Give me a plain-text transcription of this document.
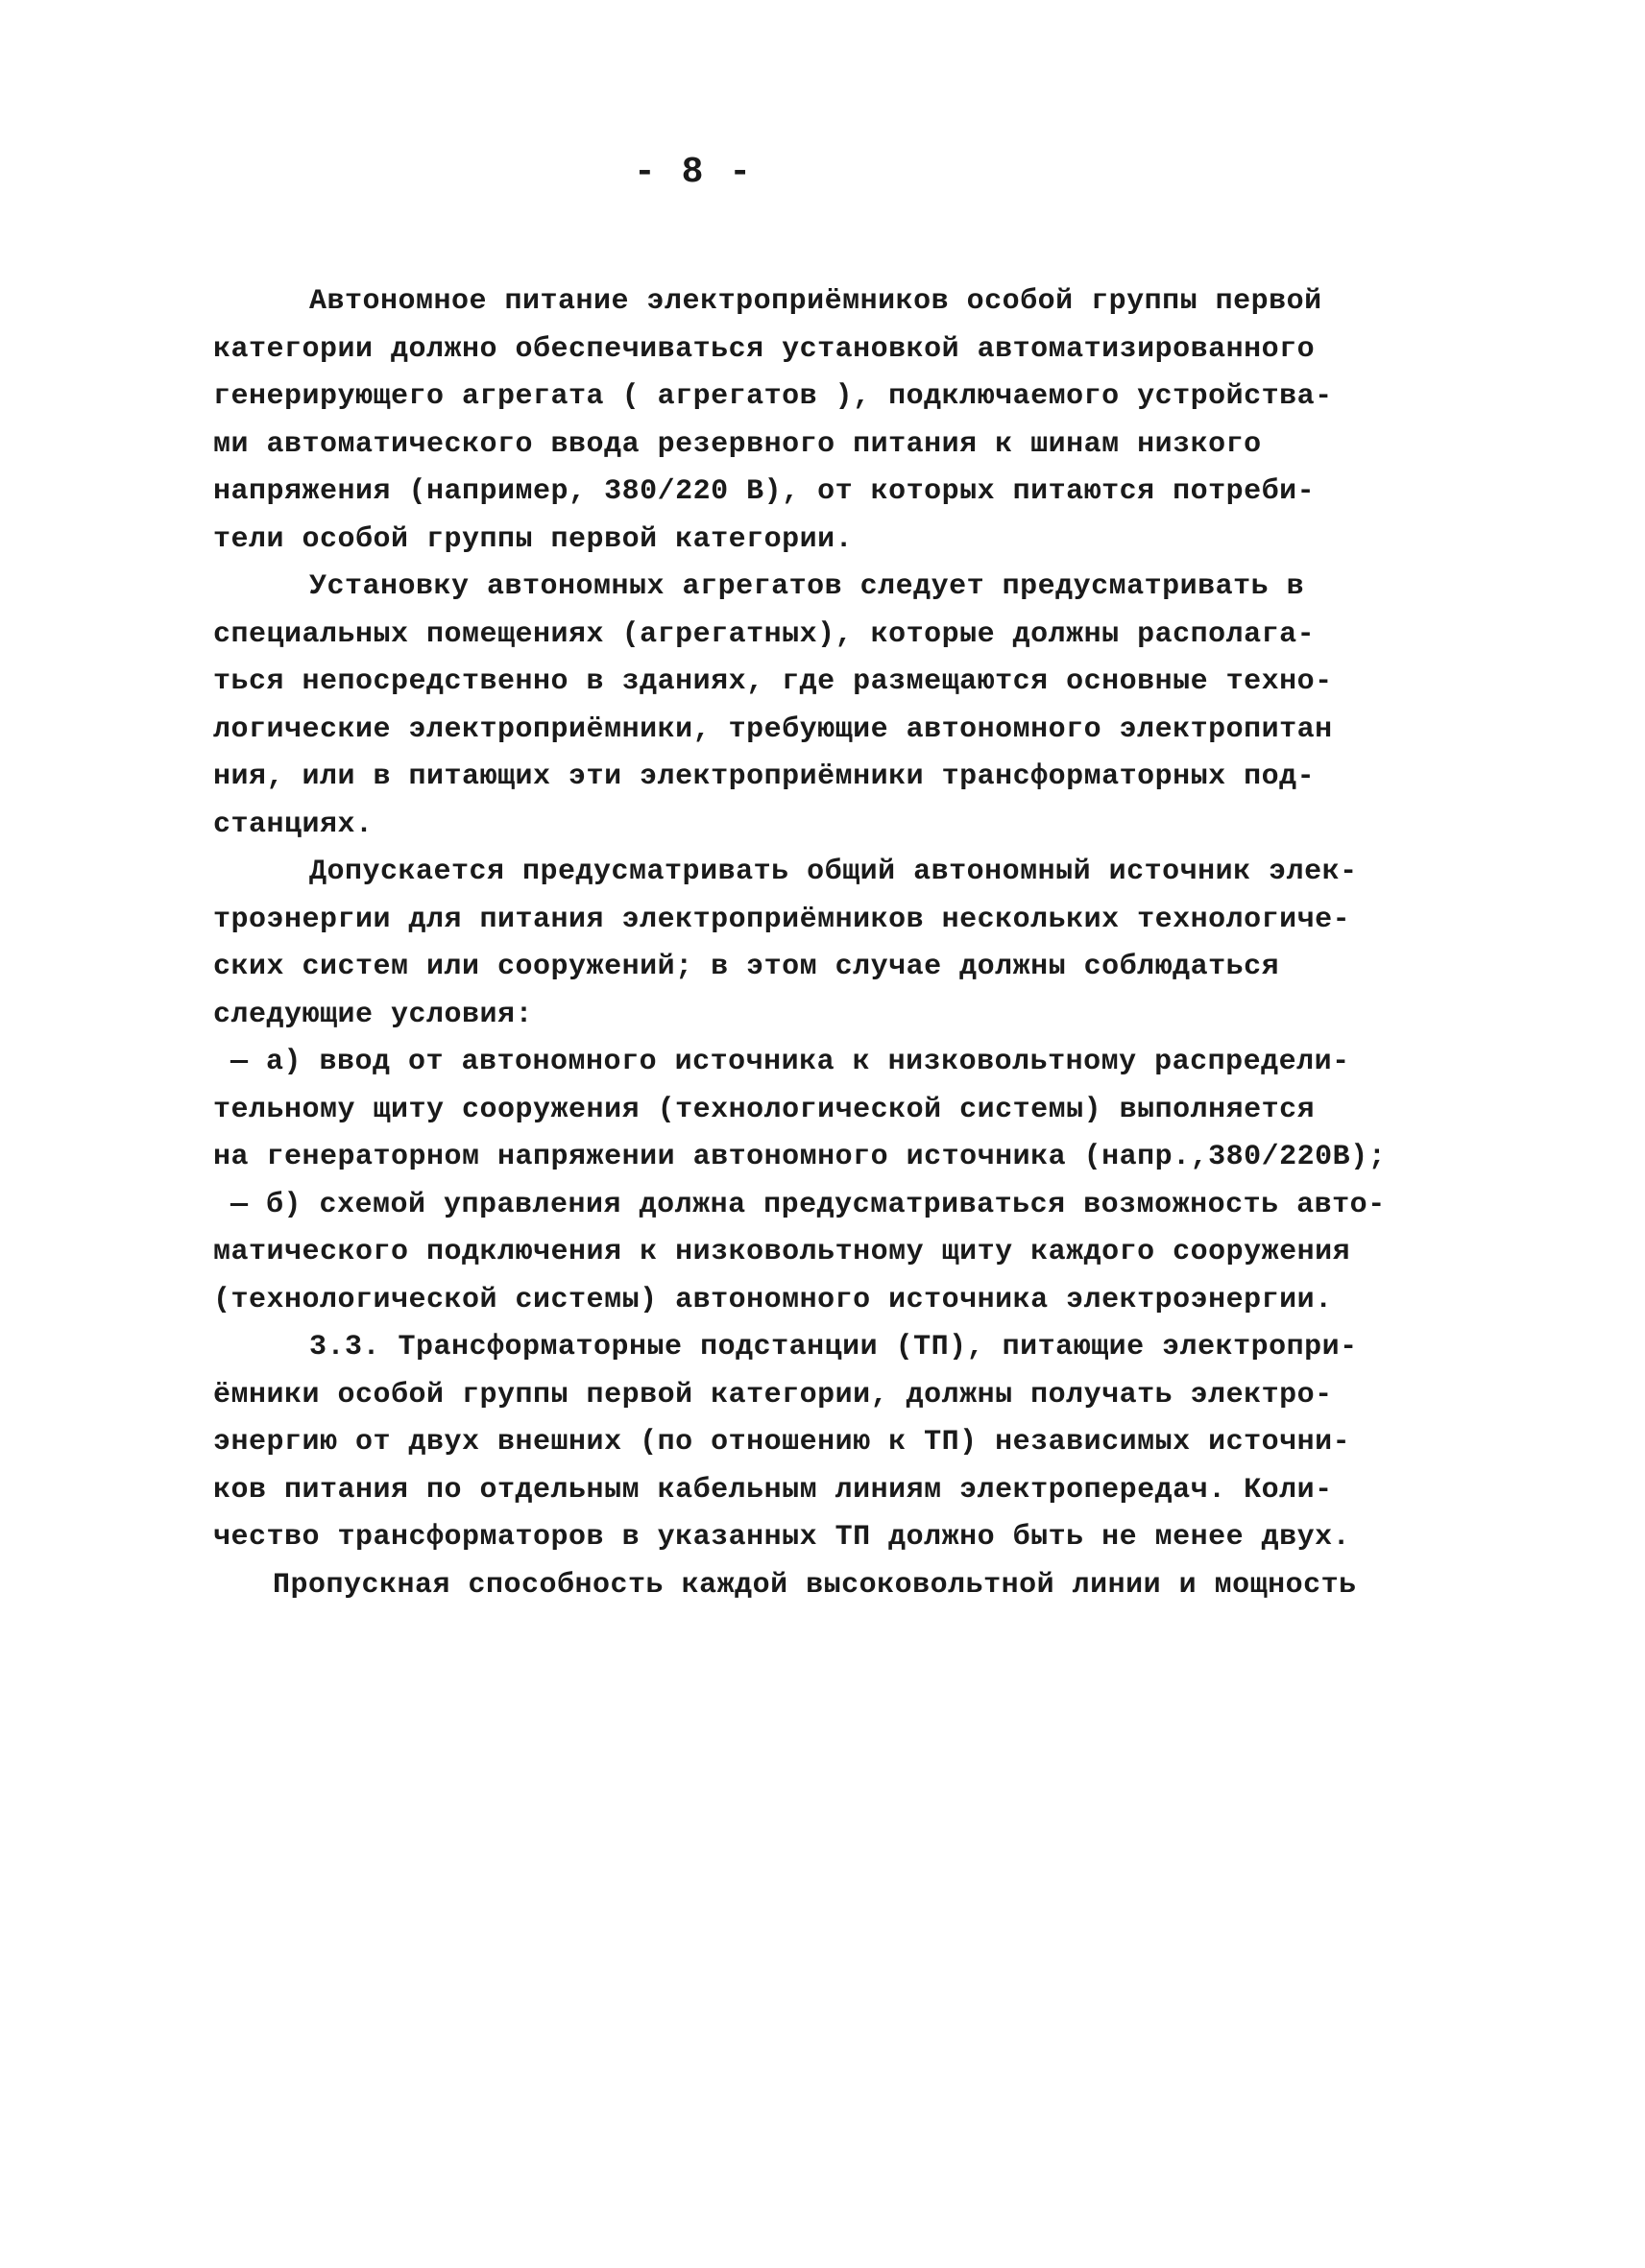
- 8 -
Автономное питание электроприёмников особой группы первой
категории должно обеспечиваться установкой автоматизированного
генерирующего агрегата ( агрегатов ), подключаемого устройства-
ми автоматического ввода резервного питания к шинам низкого
напряжения (например, 380/220 В), от которых питаются потреби-
тели особой группы первой категории.
Установку автономных агрегатов следует предусматривать в
специальных помещениях (агрегатных), которые должны располага-
ться непосредственно в зданиях, где размещаются основные техно-
логические электроприёмники, требующие автономного электропитан
ния, или в питающих эти электроприёмники трансформаторных под-
станциях.
Допускается предусматривать общий автономный источник элек-
троэнергии для питания электроприёмников нескольких технологиче-
ских систем или сооружений; в этом случае должны соблюдаться
следующие условия:
— а) ввод от автономного источника к низковольтному распредели-
тельному щиту сооружения (технологической системы) выполняется
на генераторном напряжении автономного источника (напр.,380/220В);
— б) схемой управления должна предусматриваться возможность авто-
матического подключения к низковольтному щиту каждого сооружения
(технологической системы) автономного источника электроэнергии.
3.3. Трансформаторные подстанции (ТП), питающие электропри-
ёмники особой группы первой категории, должны получать электро-
энергию от двух внешних (по отношению к ТП) независимых источни-
ков питания по отдельным кабельным линиям электропередач. Коли-
чество трансформаторов в указанных ТП должно быть не менее двух.
Пропускная способность каждой высоковольтной линии и мощность
